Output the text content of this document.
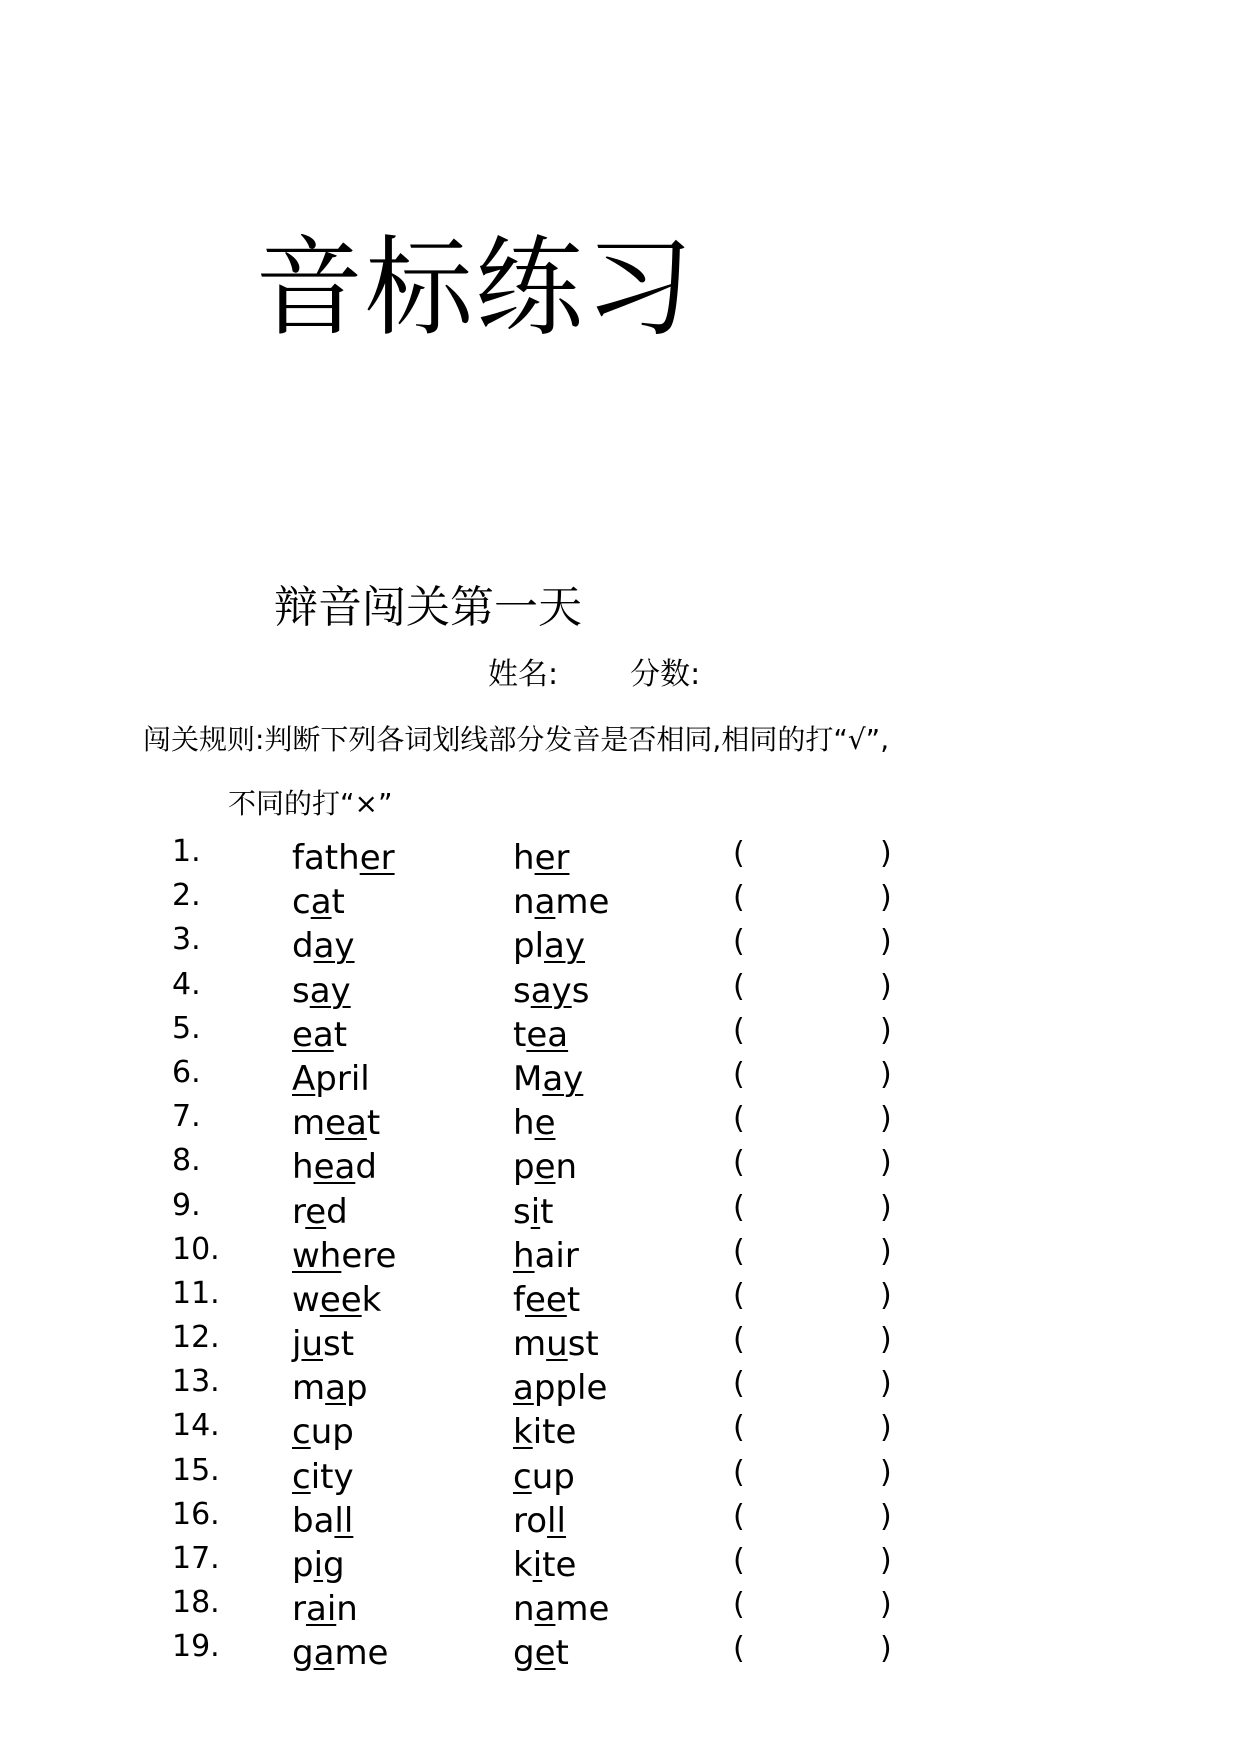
音标练习
辩音闯关第一天
姓名: 分数:
闯关规则:判断下列各词划线部分发音是否相同,相同的打“√”,
不同的打“×”
1.	father	her	(	)
2.	cat	name	(	)
3.	day	play	(	)
4.	say	says	(	)
5.	eat	tea	(	)
6.	April	May	(	)
7.	meat	he	(	)
8.	head	pen	(	)
9.	red	sit	(	)
10. where	hair	(	)
11. week	feet	(	)
12. just	must	(	)
13. map	apple	(	)
14. cup	kite	(	)
15. city	cup	(	)
16. ball	roll	(	)
17. pig	kite	(	)
18. rain	name	(	)
19. game	get	(	)
